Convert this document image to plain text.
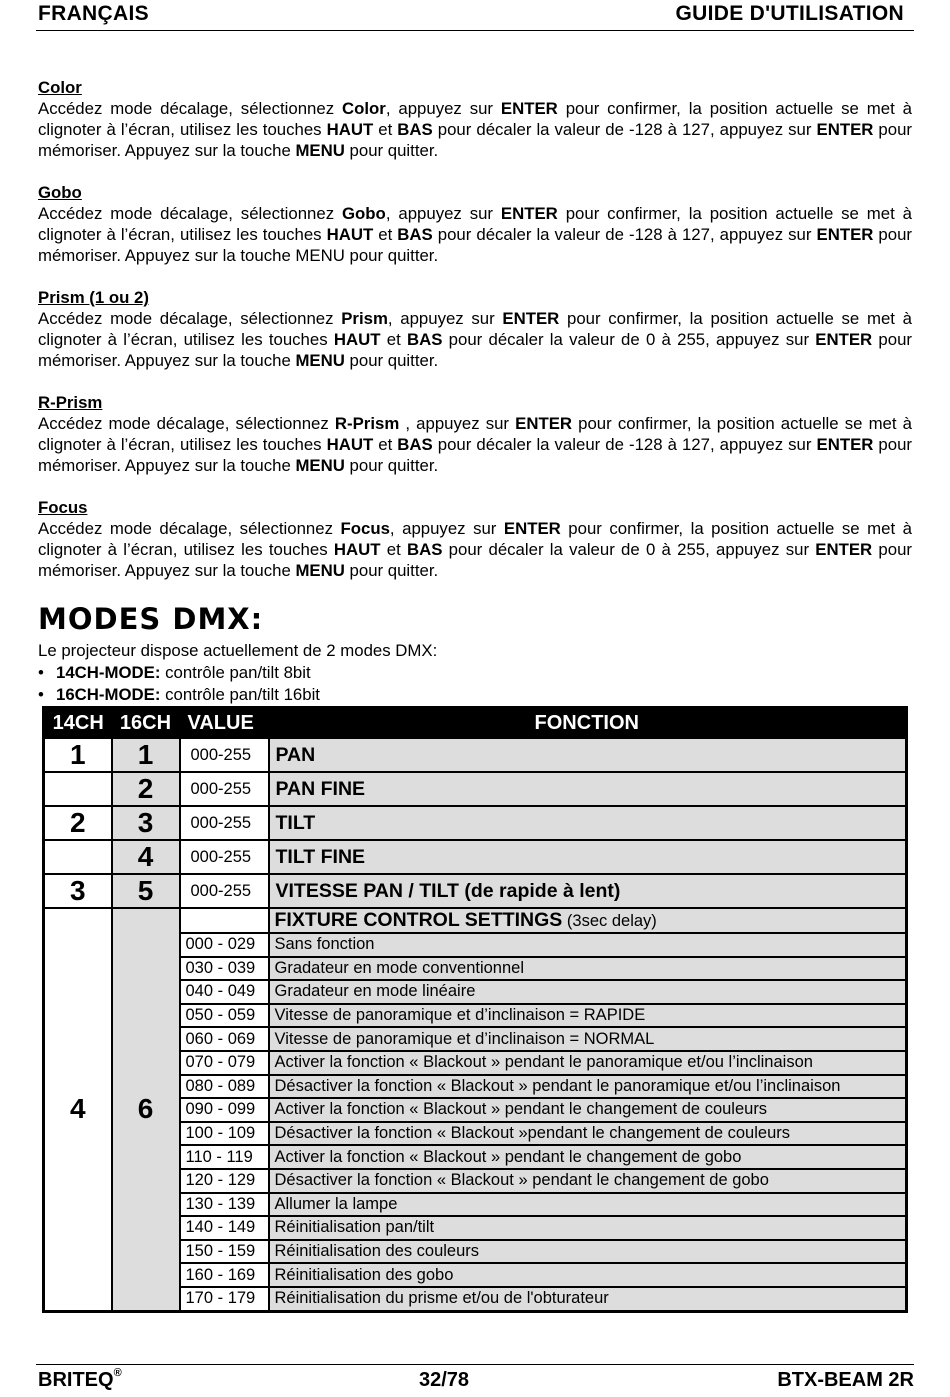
FRANÇAIS	GUIDE D'UTILISATION
Color
Accédez mode décalage, sélectionnez Color, appuyez sur ENTER pour confirmer, la position actuelle se met à clignoter à l’écran, utilisez les touches HAUT et BAS pour décaler la valeur de -128 à 127, appuyez sur ENTER pour mémoriser. Appuyez sur la touche MENU pour quitter.
Gobo
Accédez mode décalage, sélectionnez Gobo, appuyez sur ENTER pour confirmer, la position actuelle se met à clignoter à l’écran, utilisez les touches HAUT et BAS pour décaler la valeur de -128 à 127, appuyez sur ENTER pour mémoriser. Appuyez sur la touche MENU pour quitter.
Prism (1 ou 2)
Accédez mode décalage, sélectionnez Prism, appuyez sur ENTER pour confirmer, la position actuelle se met à clignoter à l’écran, utilisez les touches HAUT et BAS pour décaler la valeur de 0 à 255, appuyez sur ENTER pour mémoriser. Appuyez sur la touche MENU pour quitter.
R-Prism
Accédez mode décalage, sélectionnez R-Prism , appuyez sur ENTER pour confirmer, la position actuelle se met à clignoter à l’écran, utilisez les touches HAUT et BAS pour décaler la valeur de -128 à 127, appuyez sur ENTER pour mémoriser. Appuyez sur la touche MENU pour quitter.
Focus
Accédez mode décalage, sélectionnez Focus, appuyez sur ENTER pour confirmer, la position actuelle se met à clignoter à l’écran, utilisez les touches HAUT et BAS pour décaler la valeur de 0 à 255, appuyez sur ENTER pour mémoriser. Appuyez sur la touche MENU pour quitter.
MODES DMX:
Le projecteur dispose actuellement de 2 modes DMX:
• 14CH-MODE: contrôle pan/tilt 8bit
• 16CH-MODE: contrôle pan/tilt 16bit
14CH	16CH	VALUE	FONCTION
1	1	000-255	PAN
	2	000-255	PAN FINE
2	3	000-255	TILT
	4	000-255	TILT FINE
3	5	000-255	VITESSE PAN / TILT (de rapide à lent)
4	6		FIXTURE CONTROL SETTINGS (3sec delay)
		000 - 029	Sans fonction
		030 - 039	Gradateur en mode conventionnel
		040 - 049	Gradateur en mode linéaire
		050 - 059	Vitesse de panoramique et d’inclinaison = RAPIDE
		060 - 069	Vitesse de panoramique et d’inclinaison = NORMAL
		070 - 079	Activer la fonction « Blackout » pendant le panoramique et/ou l’inclinaison
		080 - 089	Désactiver la fonction « Blackout » pendant le panoramique et/ou l’inclinaison
		090 - 099	Activer la fonction « Blackout » pendant le changement de couleurs
		100 - 109	Désactiver la fonction « Blackout »pendant le changement de couleurs
		110 - 119	Activer la fonction « Blackout » pendant le changement de gobo
		120 - 129	Désactiver la fonction « Blackout » pendant le changement de gobo
		130 - 139	Allumer la lampe
		140 - 149	Réinitialisation pan/tilt
		150 - 159	Réinitialisation des couleurs
		160 - 169	Réinitialisation des gobo
		170 - 179	Réinitialisation du prisme et/ou de l'obturateur
BRITEQ®	32/78	BTX-BEAM 2R
